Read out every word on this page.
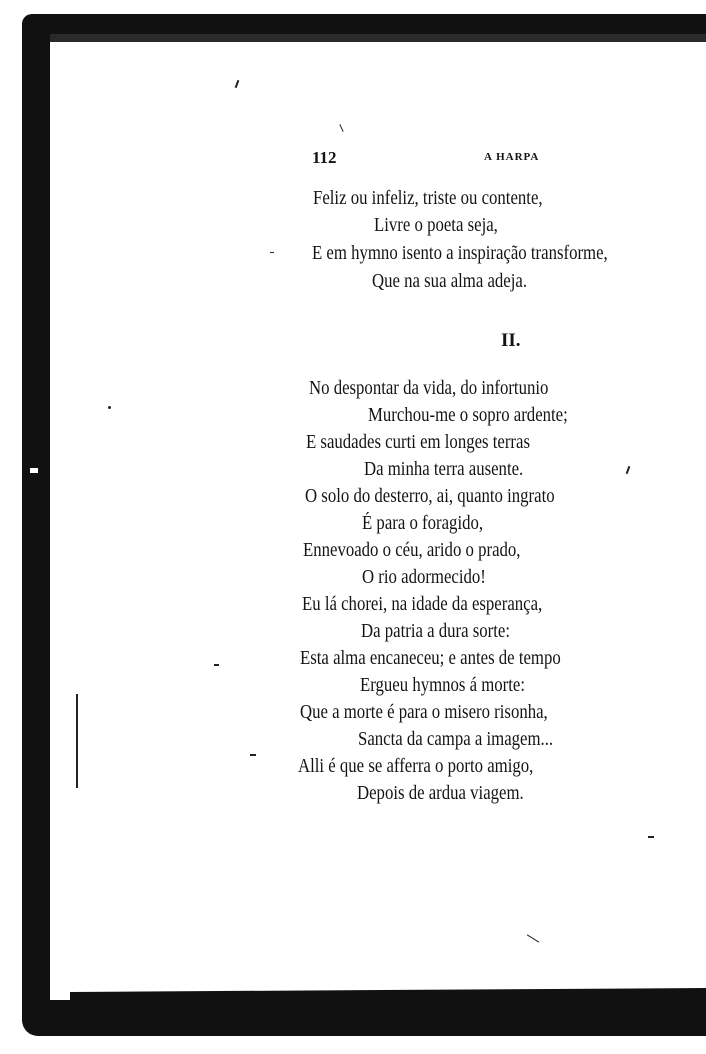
112	A HARPA
Feliz ou infeliz, triste ou contente,
Livre o poeta seja,
E em hymno isento a inspiração transforme,
Que na sua alma adeja.
II.
No despontar da vida, do infortunio
Murchou-me o sopro ardente;
E saudades curti em longes terras
Da minha terra ausente.
O solo do desterro, ai, quanto ingrato
É para o foragido,
Ennevoado o céu, arido o prado,
O rio adormecido!
Eu lá chorei, na idade da esperança,
Da patria a dura sorte:
Esta alma encaneceu; e antes de tempo
Ergueu hymnos á morte:
Que a morte é para o misero risonha,
Sancta da campa a imagem...
Alli é que se afferra o porto amigo,
Depois de ardua viagem.
